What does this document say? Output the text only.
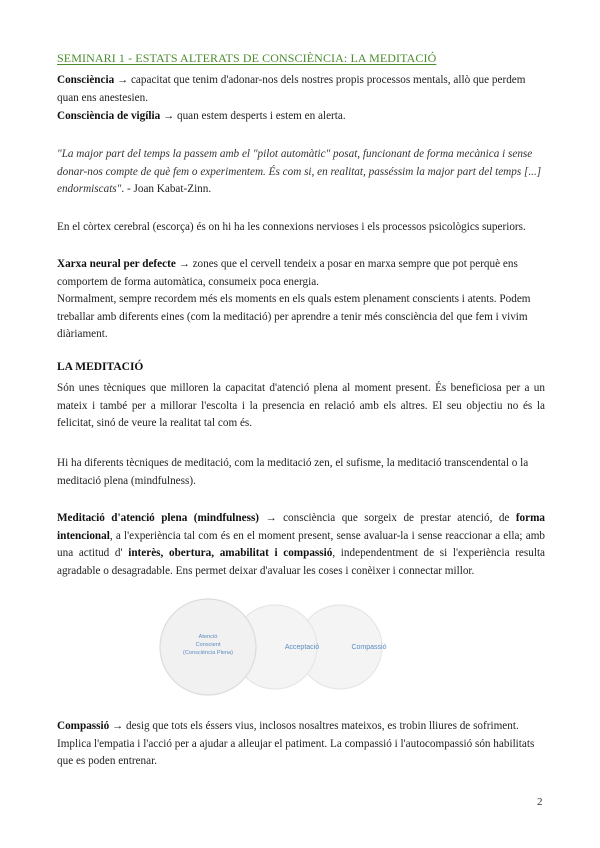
SEMINARI 1 - ESTATS ALTERATS DE CONSCIÈNCIA: LA MEDITACIÓ

Consciència → capacitat que tenim d'adonar-nos dels nostres propis processos mentals, allò que perdem quan ens anestesien.

Consciència de vigília → quan estem desperts i estem en alerta.

"La major part del temps la passem amb el "pilot automàtic" posat, funcionant de forma mecànica i sense donar-nos compte de què fem o experimentem. És com si, en realitat, passéssim la major part del temps [...] endormiscats". - Joan Kabat-Zinn.

En el còrtex cerebral (escorça) és on hi ha les connexions nervioses i els processos psicològics superiors.

Xarxa neural per defecte → zones que el cervell tendeix a posar en marxa sempre que pot perquè ens comportem de forma automàtica, consumeix poca energia.

Normalment, sempre recordem més els moments en els quals estem plenament conscients i atents. Podem treballar amb diferents eines (com la meditació) per aprendre a tenir més consciència del que fem i vivim diàriament.

LA MEDITACIÓ

Són unes tècniques que milloren la capacitat d'atenció plena al moment present. És beneficiosa per a un mateix i també per a millorar l'escolta i la presencia en relació amb els altres. El seu objectiu no és la felicitat, sinó de veure la realitat tal com és.

Hi ha diferents tècniques de meditació, com la meditació zen, el sufisme, la meditació transcendental o la meditació plena (mindfulness).

Meditació d'atenció plena (mindfulness) → consciència que sorgeix de prestar atenció, de forma intencional, a l'experiència tal com és en el moment present, sense avaluar-la i sense reaccionar a ella; amb una actitud d' interès, obertura, amabilitat i compassió, independentment de si l'experiència resulta agradable o desagradable. Ens permet deixar d'avaluar les coses i conèixer i connectar millor.

Atenció
Conscient
(Consciència Plena)
Acceptació	Compassió

Compassió → desig que tots els éssers vius, inclosos nosaltres mateixos, es trobin lliures de sofriment. Implica l'empatia i l'acció per a ajudar a alleujar el patiment. La compassió i l'autocompassió són habilitats que es poden entrenar.

2
